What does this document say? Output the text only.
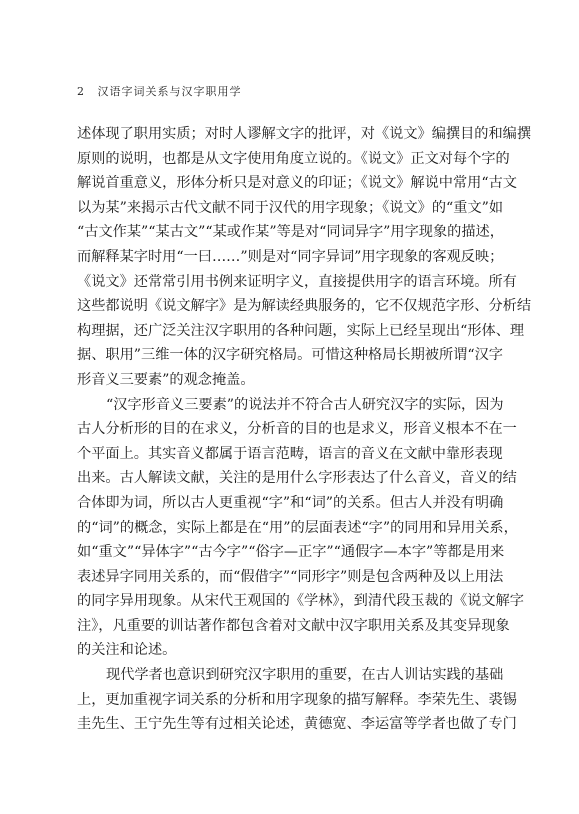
2 汉语字词关系与汉字职用学
述体现了职用实质；对时人谬解文字的批评，对《说文》编撰目的和编撰
原则的说明，也都是从文字使用角度立说的。《说文》正文对每个字的
解说首重意义，形体分析只是对意义的印证；《说文》解说中常用“古文
以为某”来揭示古代文献不同于汉代的用字现象；《说文》的“重文”如
“古文作某”“某古文”“某或作某”等是对“同词异字”用字现象的描述，
而解释某字时用“一曰……”则是对“同字异词”用字现象的客观反映；
《说文》还常常引用书例来证明字义，直接提供用字的语言环境。所有
这些都说明《说文解字》是为解读经典服务的，它不仅规范字形、分析结
构理据，还广泛关注汉字职用的各种问题，实际上已经呈现出“形体、理
据、职用”三维一体的汉字研究格局。可惜这种格局长期被所谓“汉字
形音义三要素”的观念掩盖。
“汉字形音义三要素”的说法并不符合古人研究汉字的实际，因为
古人分析形的目的在求义，分析音的目的也是求义，形音义根本不在一
个平面上。其实音义都属于语言范畴，语言的音义在文献中靠形表现
出来。古人解读文献，关注的是用什么字形表达了什么音义，音义的结
合体即为词，所以古人更重视“字”和“词”的关系。但古人并没有明确
的“词”的概念，实际上都是在“用”的层面表述“字”的同用和异用关系，
如“重文”“异体字”“古今字”“俗字—正字”“通假字—本字”等都是用来
表述异字同用关系的，而“假借字”“同形字”则是包含两种及以上用法
的同字异用现象。从宋代王观国的《学林》，到清代段玉裁的《说文解字
注》，凡重要的训诂著作都包含着对文献中汉字职用关系及其变异现象
的关注和论述。
现代学者也意识到研究汉字职用的重要，在古人训诂实践的基础
上，更加重视字词关系的分析和用字现象的描写解释。李荣先生、裘锡
圭先生、王宁先生等有过相关论述，黄德宽、李运富等学者也做了专门
